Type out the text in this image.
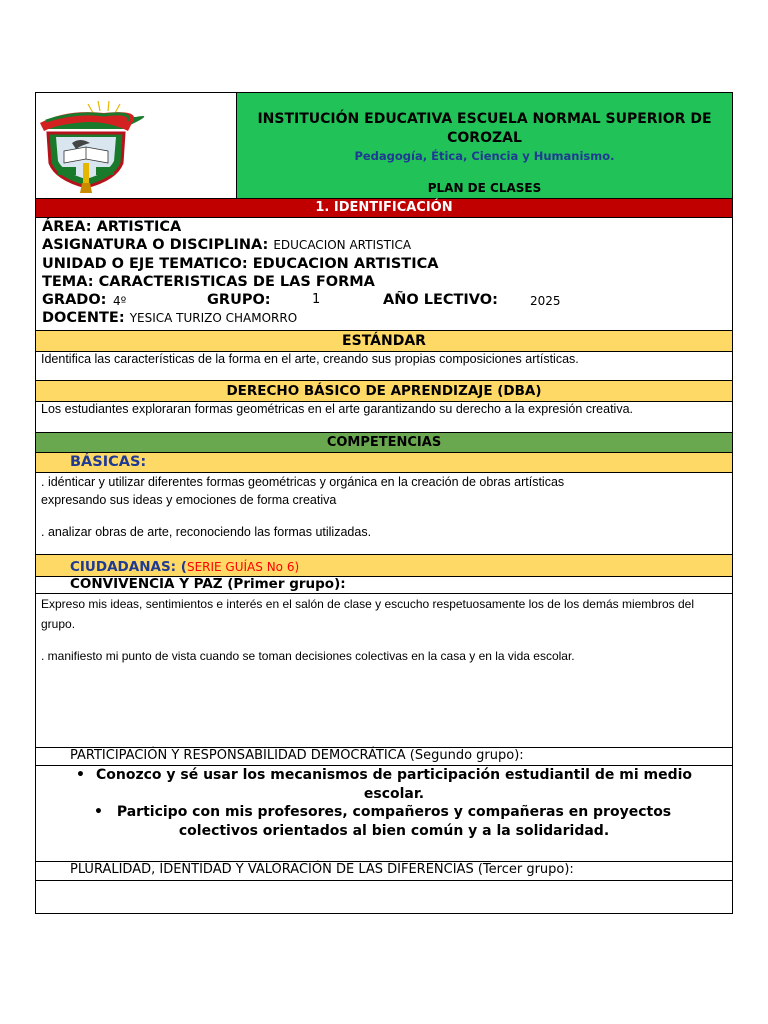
INSTITUCIÓN EDUCATIVA ESCUELA NORMAL SUPERIOR DE COROZAL
Pedagogía, Ética, Ciencia y Humanismo.
PLAN DE CLASES
1. IDENTIFICACIÓN
ÁREA: ARTISTICA
ASIGNATURA O DISCIPLINA: EDUCACION ARTISTICA
UNIDAD O EJE TEMATICO: EDUCACION ARTISTICA
TEMA: CARACTERISTICAS DE LAS FORMA
GRADO: 4º	GRUPO:	1	AÑO LECTIVO:	2025
DOCENTE: YESICA TURIZO CHAMORRO
ESTÁNDAR
Identifica las características de la forma en el arte, creando sus propias composiciones artísticas.
DERECHO BÁSICO DE APRENDIZAJE (DBA)
Los estudiantes exploraran formas geométricas en el arte garantizando su derecho a la expresión creativa.
COMPETENCIAS
BÁSICAS:
. idénticar y utilizar diferentes formas geométricas y orgánica en la creación de obras artísticas
expresando sus ideas y emociones de forma creativa
. analizar obras de arte, reconociendo las formas utilizadas.
CIUDADANAS: (SERIE GUÍAS No 6)
CONVIVENCIA Y PAZ (Primer grupo):
Expreso mis ideas, sentimientos e interés en el salón de clase y escucho respetuosamente los de los demás miembros del
grupo.
. manifiesto mi punto de vista cuando se toman decisiones colectivas en la casa y en la vida escolar.
PARTICIPACIÓN Y RESPONSABILIDAD DEMOCRÁTICA (Segundo grupo):
• Conozco y sé usar los mecanismos de participación estudiantil de mi medio
escolar.
• Participo con mis profesores, compañeros y compañeras en proyectos
colectivos orientados al bien común y a la solidaridad.
PLURALIDAD, IDENTIDAD Y VALORACIÓN DE LAS DIFERENCIAS (Tercer grupo):
